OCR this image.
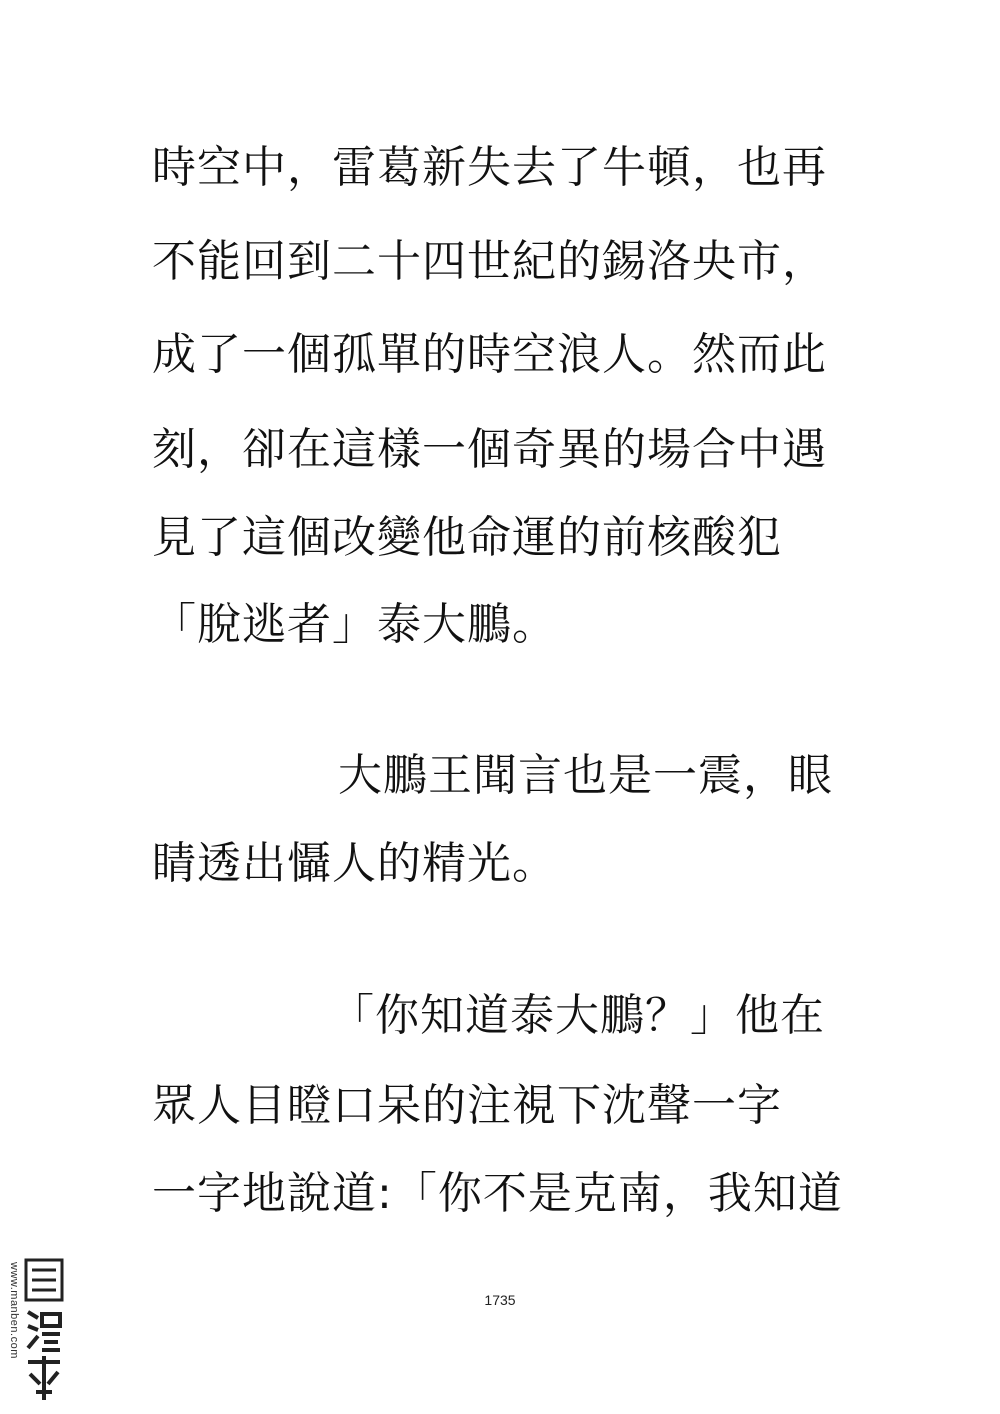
時空中，雷葛新失去了牛頓，也再
不能回到二十四世紀的錫洛央市，
成了一個孤單的時空浪人。然而此
刻，卻在這樣一個奇異的場合中遇
見了這個改變他命運的前核酸犯
「脫逃者」泰大鵬。
大鵬王聞言也是一震，眼
睛透出懾人的精光。
「你知道泰大鵬？」他在
眾人目瞪口呆的注視下沈聲一字
一字地說道:「你不是克南，我知道
1735
www.manben.com
